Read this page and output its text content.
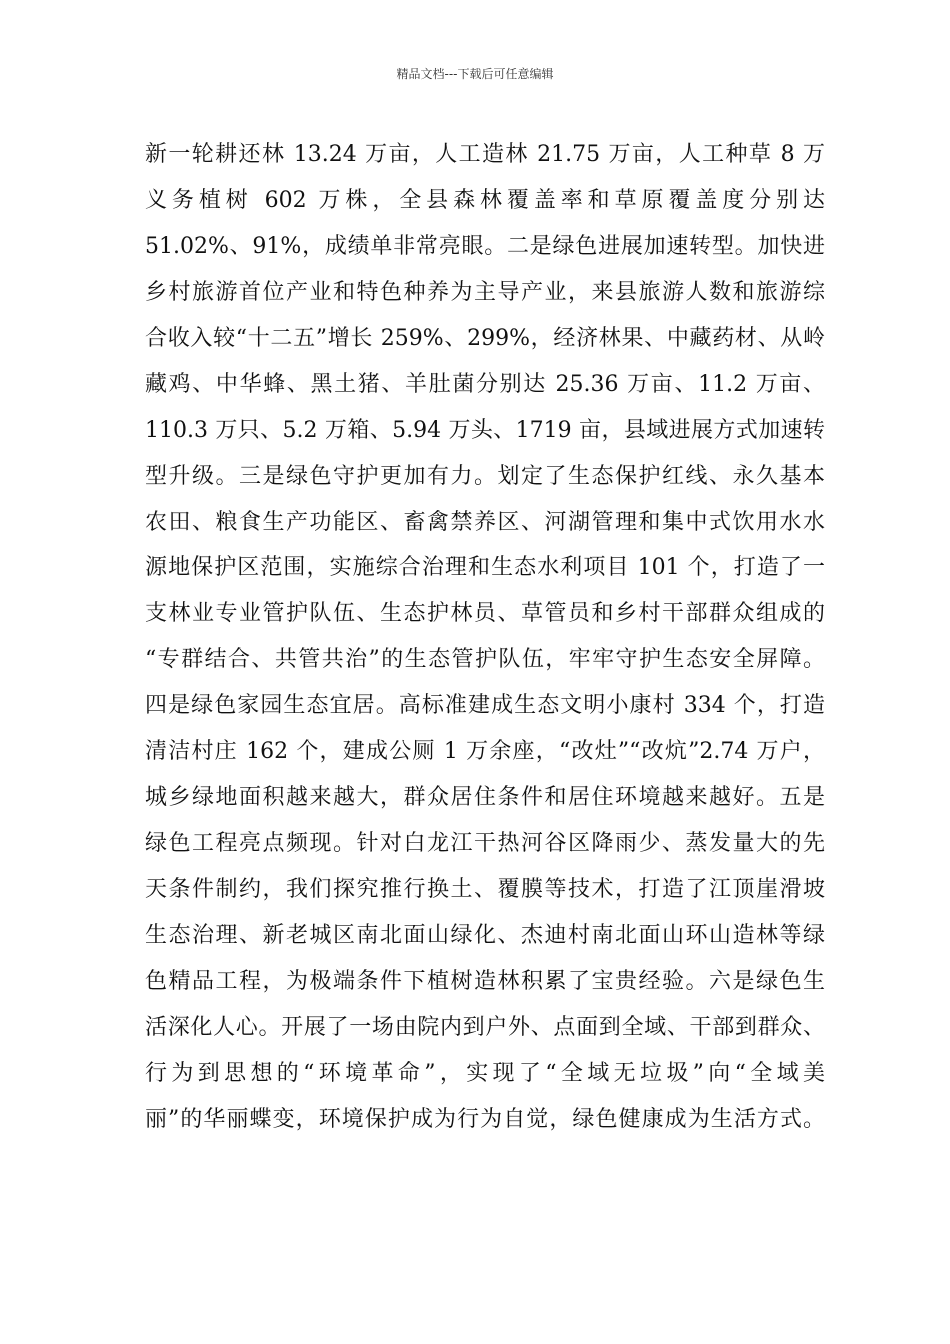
精品文档---下载后可任意编辑
新一轮耕还林 13.24 万亩，人工造林 21.75 万亩，人工种草 8 万
义务植树 602 万株，全县森林覆盖率和草原覆盖度分别达
51.02%、91%，成绩单非常亮眼。二是绿色进展加速转型。加快进
乡村旅游首位产业和特色种养为主导产业，来县旅游人数和旅游综
合收入较“十二五”增长 259%、299%，经济林果、中藏药材、从岭
藏鸡、中华蜂、黑土猪、羊肚菌分别达 25.36 万亩、11.2 万亩、
110.3 万只、5.2 万箱、5.94 万头、1719 亩，县域进展方式加速转
型升级。三是绿色守护更加有力。划定了生态保护红线、永久基本
农田、粮食生产功能区、畜禽禁养区、河湖管理和集中式饮用水水
源地保护区范围，实施综合治理和生态水利项目 101 个，打造了一
支林业专业管护队伍、生态护林员、草管员和乡村干部群众组成的
“专群结合、共管共治”的生态管护队伍，牢牢守护生态安全屏障。
四是绿色家园生态宜居。高标准建成生态文明小康村 334 个，打造
清洁村庄 162 个，建成公厕 1 万余座，“改灶”“改炕”2.74 万户，
城乡绿地面积越来越大，群众居住条件和居住环境越来越好。五是
绿色工程亮点频现。针对白龙江干热河谷区降雨少、蒸发量大的先
天条件制约，我们探究推行换土、覆膜等技术，打造了江顶崖滑坡
生态治理、新老城区南北面山绿化、杰迪村南北面山环山造林等绿
色精品工程，为极端条件下植树造林积累了宝贵经验。六是绿色生
活深化人心。开展了一场由院内到户外、点面到全域、干部到群众、
行为到思想的“环境革命”，实现了“全域无垃圾”向“全域美
丽”的华丽蝶变，环境保护成为行为自觉，绿色健康成为生活方式。
